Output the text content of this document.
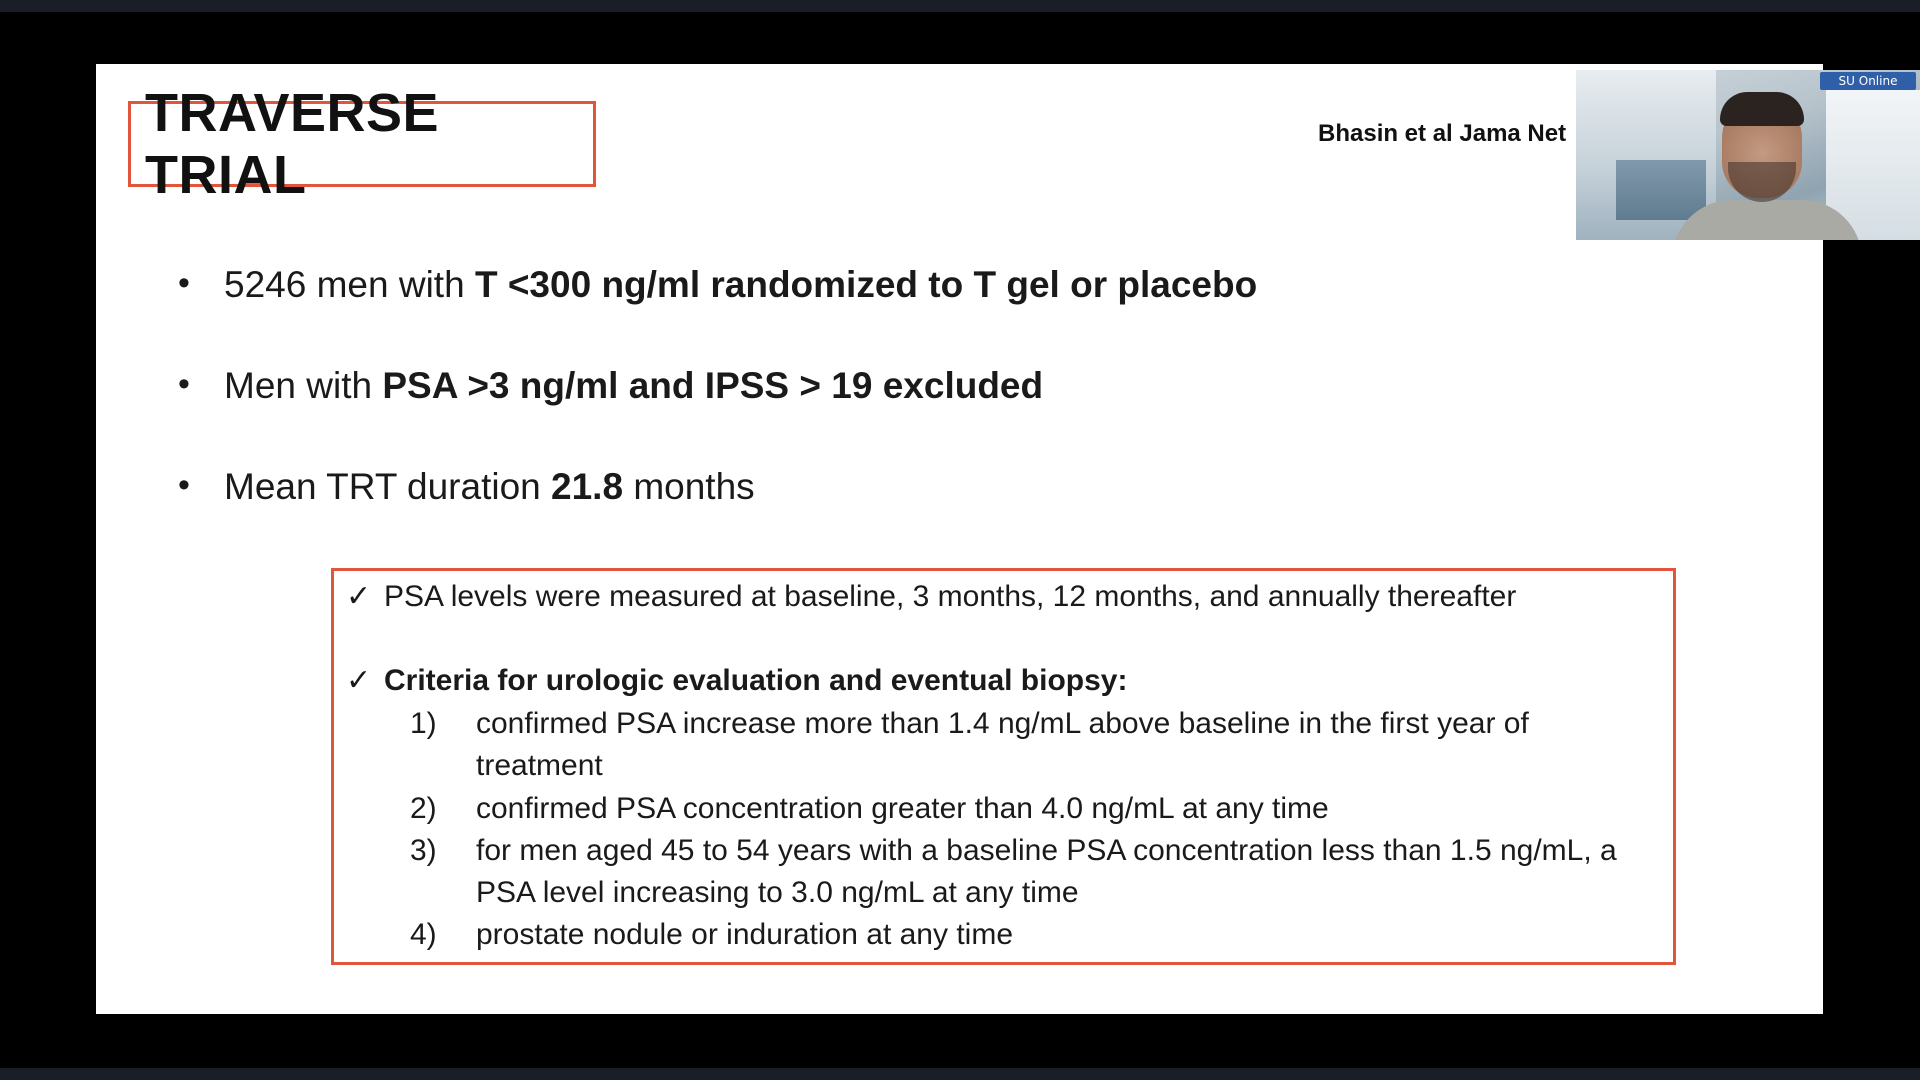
TRAVERSE TRIAL
Bhasin et al Jama Net
• 5246 men with T <300 ng/ml randomized to T gel or placebo
• Men with PSA >3 ng/ml and IPSS > 19 excluded
• Mean TRT duration 21.8 months
✓ PSA levels were measured at baseline, 3 months, 12 months, and annually thereafter
✓ Criteria for urologic evaluation and eventual biopsy:
1) confirmed PSA increase more than 1.4 ng/mL above baseline in the first year of treatment
2) confirmed PSA concentration greater than 4.0 ng/mL at any time
3) for men aged 45 to 54 years with a baseline PSA concentration less than 1.5 ng/mL, a PSA level increasing to 3.0 ng/mL at any time
4) prostate nodule or induration at any time
SU Online
